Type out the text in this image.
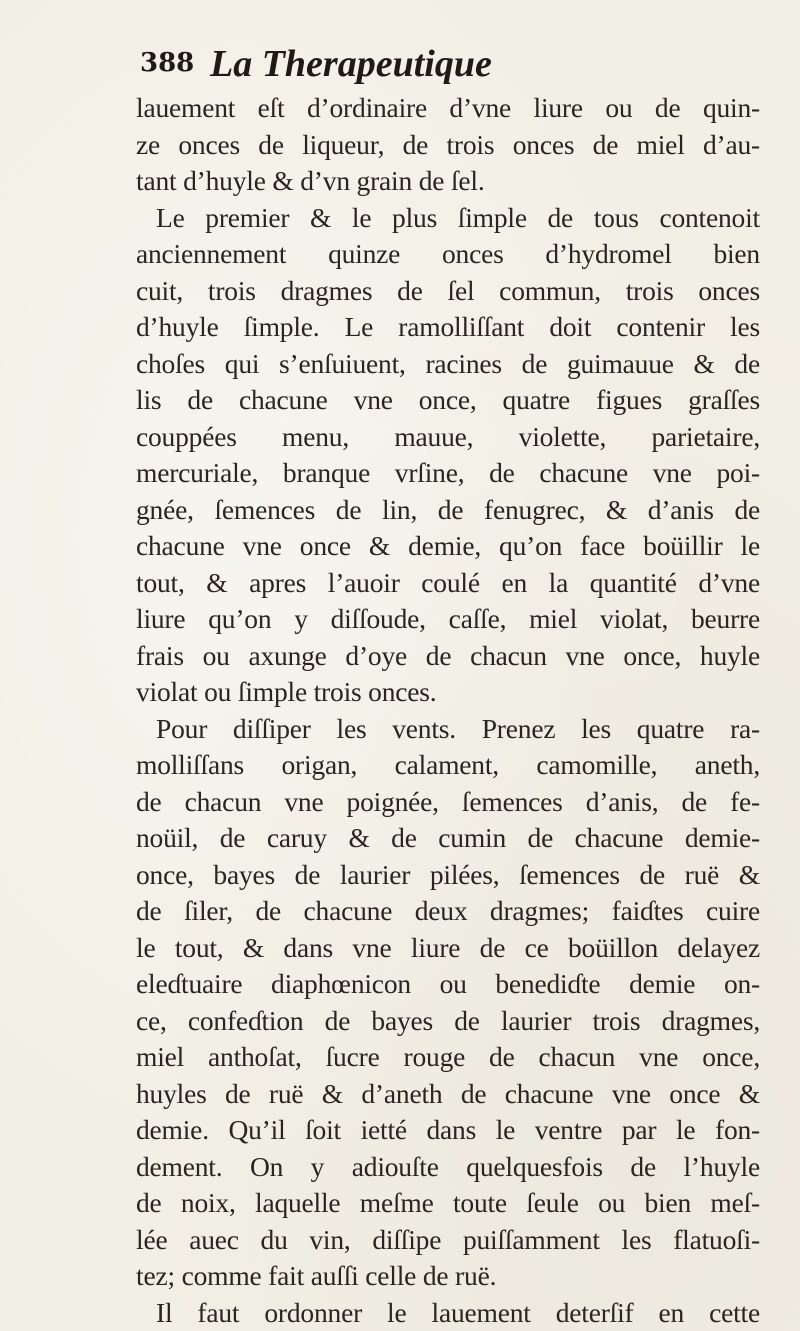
388 La Therapeutique
lauement eſt d’ordinaire d’vne liure ou de quin-
ze onces de liqueur, de trois onces de miel d’au-
tant d’huyle & d’vn grain de ſel.
Le premier & le plus ſimple de tous contenoit
anciennement quinze onces d’hydromel bien
cuit, trois dragmes de ſel commun, trois onces
d’huyle ſimple. Le ramolliſſant doit contenir les
choſes qui s’enſuiuent, racines de guimauue & de
lis de chacune vne once, quatre figues graſſes
couppées menu, mauue, violette, parietaire,
mercuriale, branque vrſine, de chacune vne poi-
gnée, ſemences de lin, de fenugrec, & d’anis de
chacune vne once & demie, qu’on face boüillir le
tout, & apres l’auoir coulé en la quantité d’vne
liure qu’on y diſſoude, caſſe, miel violat, beurre
frais ou axunge d’oye de chacun vne once, huyle
violat ou ſimple trois onces.
Pour diſſiper les vents. Prenez les quatre ra-
molliſſans origan, calament, camomille, aneth,
de chacun vne poignée, ſemences d’anis, de fe-
noüil, de caruy & de cumin de chacune demie-
once, bayes de laurier pilées, ſemences de ruë &
de ſiler, de chacune deux dragmes; faiɗtes cuire
le tout, & dans vne liure de ce boüillon delayez
eleɗtuaire diaphœnicon ou benediɗte demie on-
ce, confeɗtion de bayes de laurier trois dragmes,
miel anthoſat, ſucre rouge de chacun vne once,
huyles de ruë & d’aneth de chacune vne once &
demie. Qu’il ſoit ietté dans le ventre par le fon-
dement. On y adiouſte quelquesfois de l’huyle
de noix, laquelle meſme toute ſeule ou bien meſ-
lée auec du vin, diſſipe puiſſamment les flatuoſi-
tez; comme fait auſſi celle de ruë.
Il faut ordonner le lauement deterſif en cette
